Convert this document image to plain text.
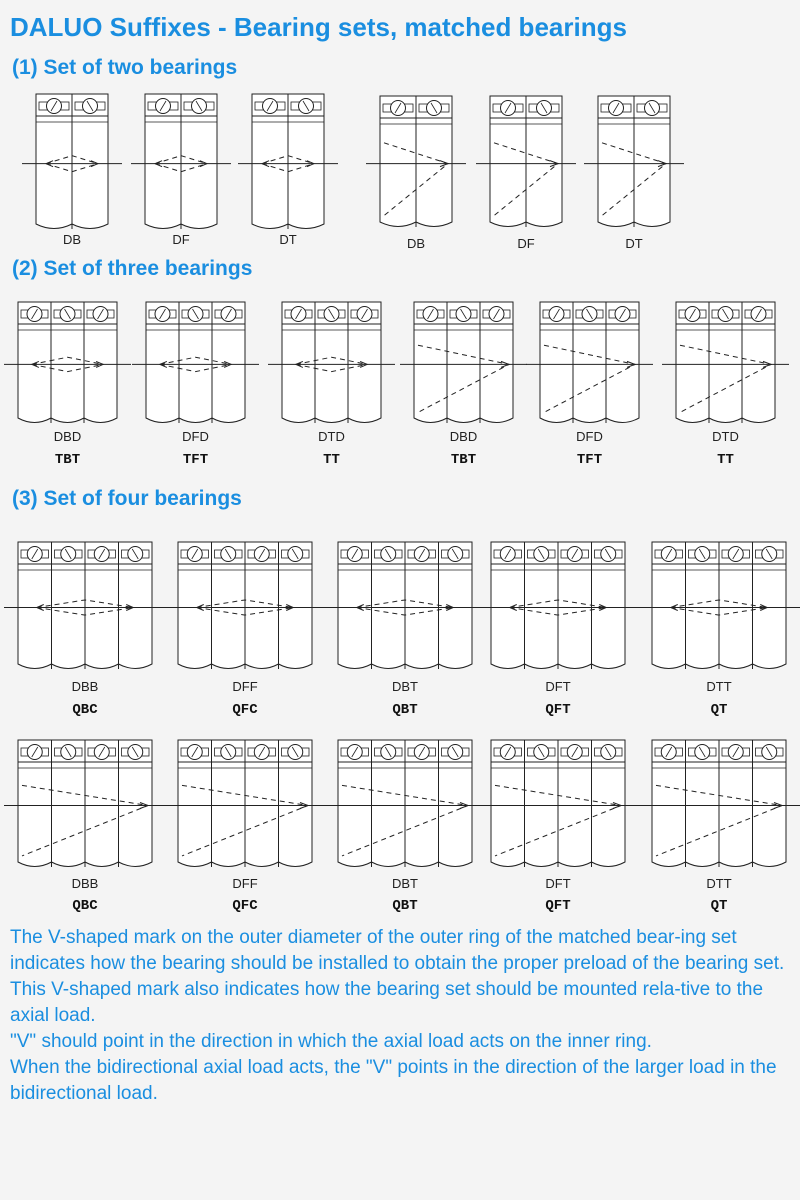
DALUO Suffixes - Bearing sets, matched bearings
(1) Set of two bearings
(2) Set of three bearings
(3) Set of four bearings
DB	DF	DT	DB	DF	DT
DBD
TBT
DFD
TFT
DTD
TT
DBD
TBT
DFD
TFT
DTD
TT
DBB
QBC
DFF
QFC
DBT
QBT
DFT
QFT
DTT
QT
DBB
QBC
DFF
QFC
DBT
QBT
DFT
QFT
DTT
QT

The V-shaped mark on the outer diameter of the outer ring of the matched bear-ing set indicates how the bearing should be installed to obtain the proper preload of the bearing set.

This V-shaped mark also indicates how the bearing set should be mounted rela-tive to the axial load.

"V" should point in the direction in which the axial load acts on the inner ring.

When the bidirectional axial load acts, the "V" points in the direction of the larger load in the bidirectional load.
